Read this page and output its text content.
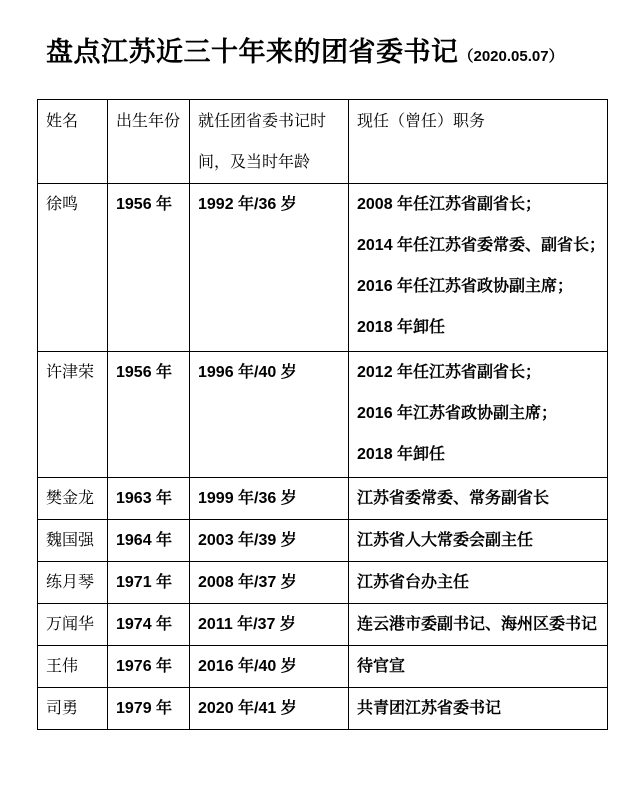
盘点江苏近三十年来的团省委书记（2020.05.07）
姓名	出生年份	就任团省委书记时
间，及当时年龄	现任（曾任）职务
徐鸣	1956 年	1992 年/36 岁	2008 年任江苏省副省长；
2014 年任江苏省委常委、副省长；
2016 年任江苏省政协副主席；
2018 年卸任

许津荣	1956 年	1996 年/40 岁	2012 年任江苏省副省长；
2016 年江苏省政协副主席；
2018 年卸任

樊金龙	1963 年	1999 年/36 岁	江苏省委常委、常务副省长

魏国强	1964 年	2003 年/39 岁	江苏省人大常委会副主任

练月琴	1971 年	2008 年/37 岁	江苏省台办主任

万闻华	1974 年	2011 年/37 岁	连云港市委副书记、海州区委书记

王伟	1976 年	2016 年/40 岁	待官宣

司勇	1979 年	2020 年/41 岁	共青团江苏省委书记
